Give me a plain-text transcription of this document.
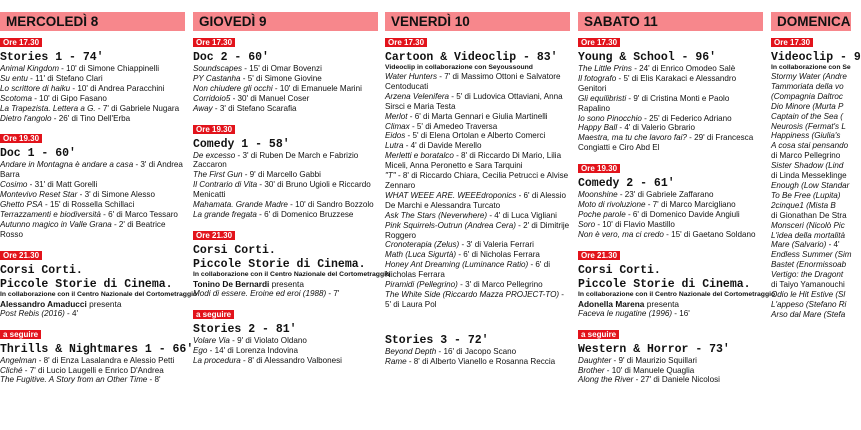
MERCOLEDÌ 8
Ore 17.30
Stories 1 - 74'
Animal Kingdom - 10' di Simone Chiappinelli
Su entu - 11' di Stefano Clari
Lo scrittore di haiku - 10' di Andrea Paracchini
Scotoma - 10' di Gipo Fasano
La Trapezista. Lettera a G. - 7' di Gabriele Nugara
Dietro l'angolo - 26' di Tino Dell'Erba
Ore 19.30
Doc 1 - 60'
Andare in Montagna è andare a casa - 3' di Andrea Barra
Cosimo - 31' di Matt Gorelli
Montevivo Reset Star - 3' di Simone Alesso
Ghetto PSA - 15' di Rossella Schillaci
Terrazzamenti e biodiversità - 6' di Marco Tessaro
Autunno magico in Valle Grana - 2' di Beatrice Rosso
Ore 21.30
Corsi Corti.
Piccole Storie di Cinema.
In collaborazione con il Centro Nazionale del Cortometraggio
Alessandro Amaducci presenta
Post Rebis (2016) - 4'
a seguire
Thrills & Nightmares 1 - 66'
Angelman - 8' di Enza Lasalandra e Alessio Petti
Cliché - 7' di Lucio Laugelli e Enrico D'Andrea
The Fugitive. A Story from an Other Time - 8'
GIOVEDÌ 9
Ore 17.30
Doc 2 - 60'
Soundscapes - 15' di Omar Bovenzi
PY Castanha - 5' di Simone Giovine
Non chiudere gli occhi - 10' di Emanuele Marini
Corridoio5 - 30' di Manuel Coser
Away - 3' di Stefano Scarafia
Ore 19.30
Comedy 1 - 58'
De excesso - 3' di Ruben De March e Fabrizio Zaccaron
The First Gun - 9' di Marcello Gabbi
Il Contrario di Vita - 30' di Bruno Ugioli e Riccardo Menicatti
Mahamata. Grande Madre - 10' di Sandro Bozzolo
La grande fregata - 6' di Domenico Bruzzese
Ore 21.30
Corsi Corti.
Piccole Storie di Cinema.
In collaborazione con il Centro Nazionale del Cortometraggio
Tonino De Bernardi presenta
Modi di essere. Eroine ed eroi (1988) - 7'
a seguire
Stories 2 - 81'
Volare Via - 9' di Violato Oldano
Ego - 14' di Lorenza Indovina
La procedura - 8' di Alessandro Valbonesi
VENERDÌ 10
Ore 17.30
Cartoon & Videoclip - 83'
Videoclip in collaborazione con Seyoussound
Water Hunters - 7' di Massimo Ottoni e Salvatore Centoducati
Arzena Velenifera - 5' di Ludovica Ottaviani, Anna Sirsci e Maria Testa
Merlot - 6' di Marta Gennari e Giulia Martinelli
Climax - 5' di Amedeo Traversa
Eidos - 5' di Elena Ortolan e Alberto Comerci
Lutra - 4' di Davide Merello
Merletti e boratalco - 8' di Riccardo Di Mario, Lilia Miceli, Anna Peronetto e Sara Tarquini
"T" - 8' di Riccardo Chiara, Cecilia Petrucci e Alvise Zennaro
WHAT WEEE ARE. WEEEdroponics - 6' di Alessio De Marchi e Alessandra Turcato
Ask The Stars (Neverwhere) - 4' di Luca Vigliani
Pink Squirrels-Outrun (Andrea Cera) - 2' di Dimitrije Roggero
Cronoterapia (Zelus) - 3' di Valeria Ferrari
Math (Luca Sigurtà) - 6' di Nicholas Ferrara
Honey Ant Dreaming (Luminance Ratio) - 6' di Nicholas Ferrara
Piramidi (Pellegrino) - 3' di Marco Pellegrino
The White Side (Riccardo Mazza PROJECT-TO) - 5' di Laura Pol
Stories 3 - 72'
Beyond Depth - 16' di Jacopo Scano
Rame - 8' di Alberto Vianello e Rosanna Reccia
SABATO 11
Ore 17.30
Young & School - 96'
The Little Prins - 24' di Enrico Omodeo Salè
Il fotografo - 5' di Elis Karakaci e Alessandro Genitori
Gli equilibristi - 9' di Cristina Monti e Paolo Rapalino
Io sono Pinocchio - 25' di Federico Adriano
Happy Ball - 4' di Valerio Gbrario
Maestra, ma tu che lavoro fai? - 29' di Francesca Congiatti e Ciro Abd El
Ore 19.30
Comedy 2 - 61'
Moonshine - 23' di Gabriele Zaffarano
Moto di rivoluzione - 7' di Marco Marcigliano
Poche parole - 6' di Domenico Davide Angiuli
Soro - 10' di Flavio Mastillo
Non è vero, ma ci credo - 15' di Gaetano Soldano
Ore 21.30
Corsi Corti.
Piccole Storie di Cinema.
In collaborazione con il Centro Nazionale del Cortometraggio
Adonella Marena presenta
Faceva le nugatine (1996) - 16'
a seguire
Western & Horror - 73'
Daughter - 9' di Maurizio Squillari
Brother - 10' di Manuele Quaglia
Along the River - 27' di Daniele Nicolosi
DOMENICA
Ore 17.30
Videoclip - 9
In collaborazione con Se
Stormy Water (Andre
Tammoriata della vo
(Compagnia Daltroc
Dio Minore (Murta P
Captain of the Sea (
Neurosis (Fermat's L
Happiness (Giulia's
A cosa stai pensando
di Marco Pellegrino
Sister Shadow (Lind
di Linda Messeklinge
Enough (Low Standar
To Be Free (Lupita)
2cinque1 (Mista B
di Gionathan De Stra
Monsceri (Nicolò Pic
L'idea della mortalità
Mare (Salvario) - 4'
Endless Summer (Sim
Bastet (Enormissoab
Vertigo: the Dragont
di Taiyo Yamanouchi
Odio le Hit Estive (Sl
L'appeso (Stefano Ri
Arso dal Mare (Stefa
